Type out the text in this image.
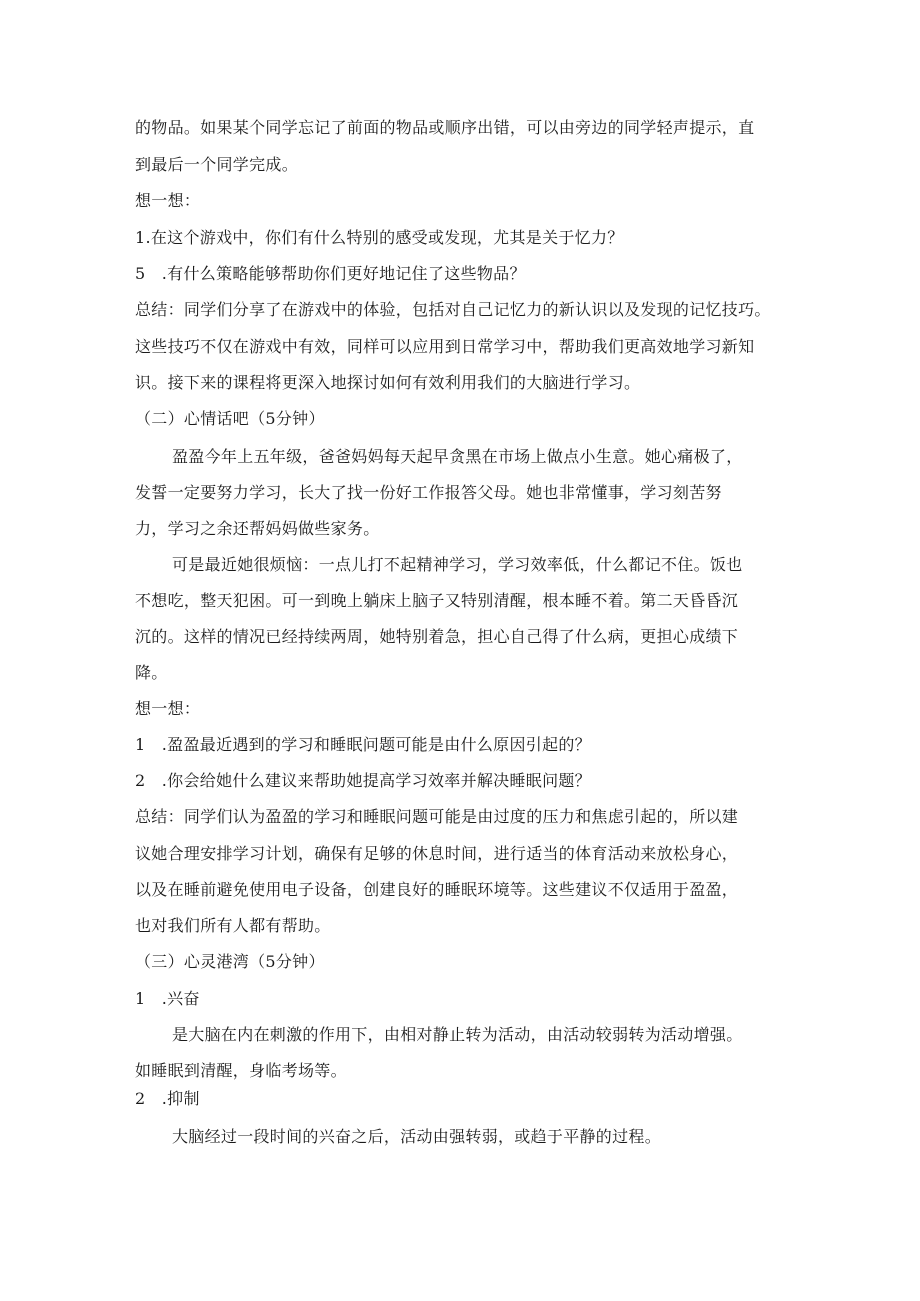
的物品。如果某个同学忘记了前面的物品或顺序出错，可以由旁边的同学轻声提示，直
到最后一个同学完成。
想一想：
1.在这个游戏中，你们有什么特别的感受或发现，尤其是关于忆力？
5　.有什么策略能够帮助你们更好地记住了这些物品？
总结：同学们分享了在游戏中的体验，包括对自己记忆力的新认识以及发现的记忆技巧。
这些技巧不仅在游戏中有效，同样可以应用到日常学习中，帮助我们更高效地学习新知
识。接下来的课程将更深入地探讨如何有效利用我们的大脑进行学习。
（二）心情话吧（5分钟）
盈盈今年上五年级，爸爸妈妈每天起早贪黑在市场上做点小生意。她心痛极了，
发誓一定要努力学习，长大了找一份好工作报答父母。她也非常懂事，学习刻苦努
力，学习之余还帮妈妈做些家务。
可是最近她很烦恼：一点儿打不起精神学习，学习效率低，什么都记不住。饭也
不想吃，整天犯困。可一到晚上躺床上脑子又特别清醒，根本睡不着。第二天昏昏沉
沉的。这样的情况已经持续两周，她特别着急，担心自己得了什么病，更担心成绩下
降。
想一想：
1　.盈盈最近遇到的学习和睡眠问题可能是由什么原因引起的？
2　.你会给她什么建议来帮助她提高学习效率并解决睡眠问题？
总结：同学们认为盈盈的学习和睡眠问题可能是由过度的压力和焦虑引起的，所以建
议她合理安排学习计划，确保有足够的休息时间，进行适当的体育活动来放松身心，
以及在睡前避免使用电子设备，创建良好的睡眠环境等。这些建议不仅适用于盈盈，
也对我们所有人都有帮助。
（三）心灵港湾（5分钟）
1　.兴奋
是大脑在内在刺激的作用下，由相对静止转为活动，由活动较弱转为活动增强。
如睡眠到清醒，身临考场等。
2　.抑制
大脑经过一段时间的兴奋之后，活动由强转弱，或趋于平静的过程。
